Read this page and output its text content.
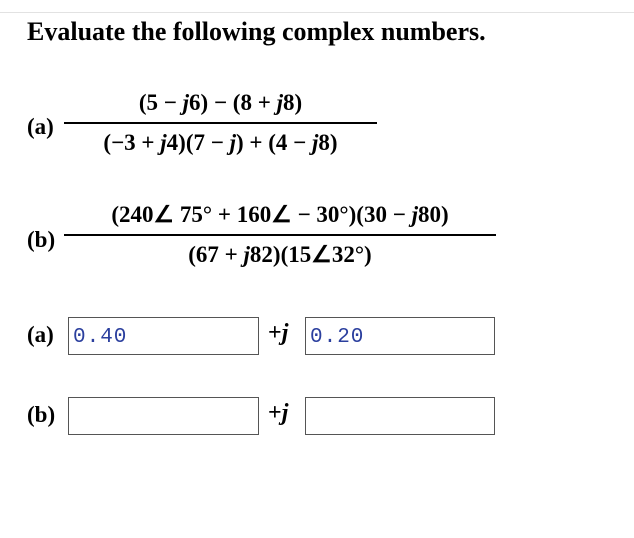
Evaluate the following complex numbers.
(a)
(5 − j6) − (8 + j8)
(−3 + j4)(7 − j) + (4 − j8)
(b)
(240∠ 75° + 160∠ − 30°)(30 − j80)
(67 + j82)(15∠32°)
(a)
0.40	+j
0.20
(b)	+j
